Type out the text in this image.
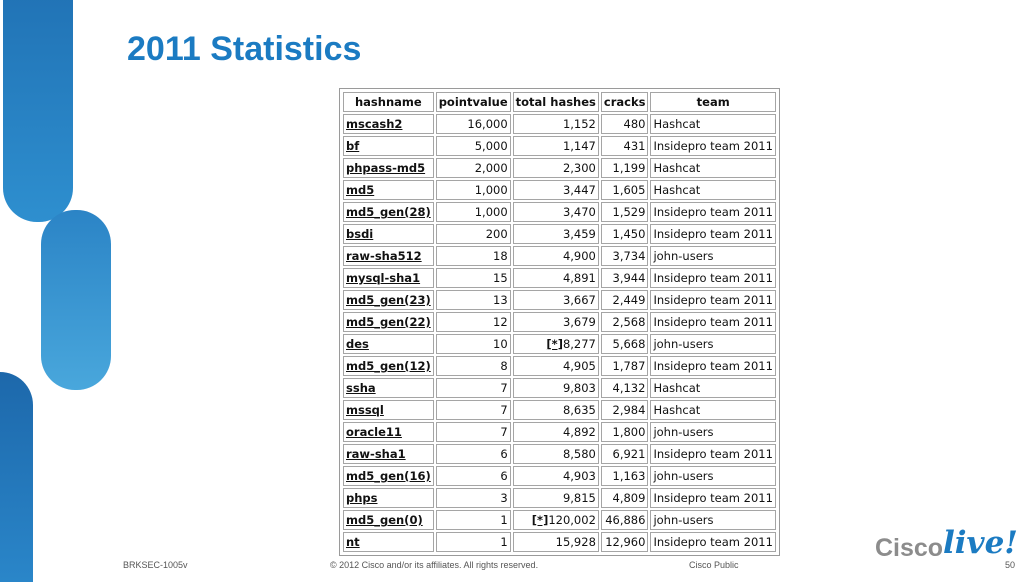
2011 Statistics
hashname	pointvalue	total hashes	cracks	team
mscash2	16,000	1,152	480	Hashcat
bf	5,000	1,147	431	Insidepro team 2011
phpass-md5	2,000	2,300	1,199	Hashcat
md5	1,000	3,447	1,605	Hashcat
md5_gen(28)	1,000	3,470	1,529	Insidepro team 2011
bsdi	200	3,459	1,450	Insidepro team 2011
raw-sha512	18	4,900	3,734	john-users
mysql-sha1	15	4,891	3,944	Insidepro team 2011
md5_gen(23)	13	3,667	2,449	Insidepro team 2011
md5_gen(22)	12	3,679	2,568	Insidepro team 2011
des	10	[*]8,277	5,668	john-users
md5_gen(12)	8	4,905	1,787	Insidepro team 2011
ssha	7	9,803	4,132	Hashcat
mssql	7	8,635	2,984	Hashcat
oracle11	7	4,892	1,800	john-users
raw-sha1	6	8,580	6,921	Insidepro team 2011
md5_gen(16)	6	4,903	1,163	john-users
phps	3	9,815	4,809	Insidepro team 2011
md5_gen(0)	1	[*]120,002	46,886	john-users
nt	1	15,928	12,960	Insidepro team 2011
BRKSEC-1005v	© 2012 Cisco and/or its affiliates. All rights reserved.	Cisco Public	50
Cisco live!
